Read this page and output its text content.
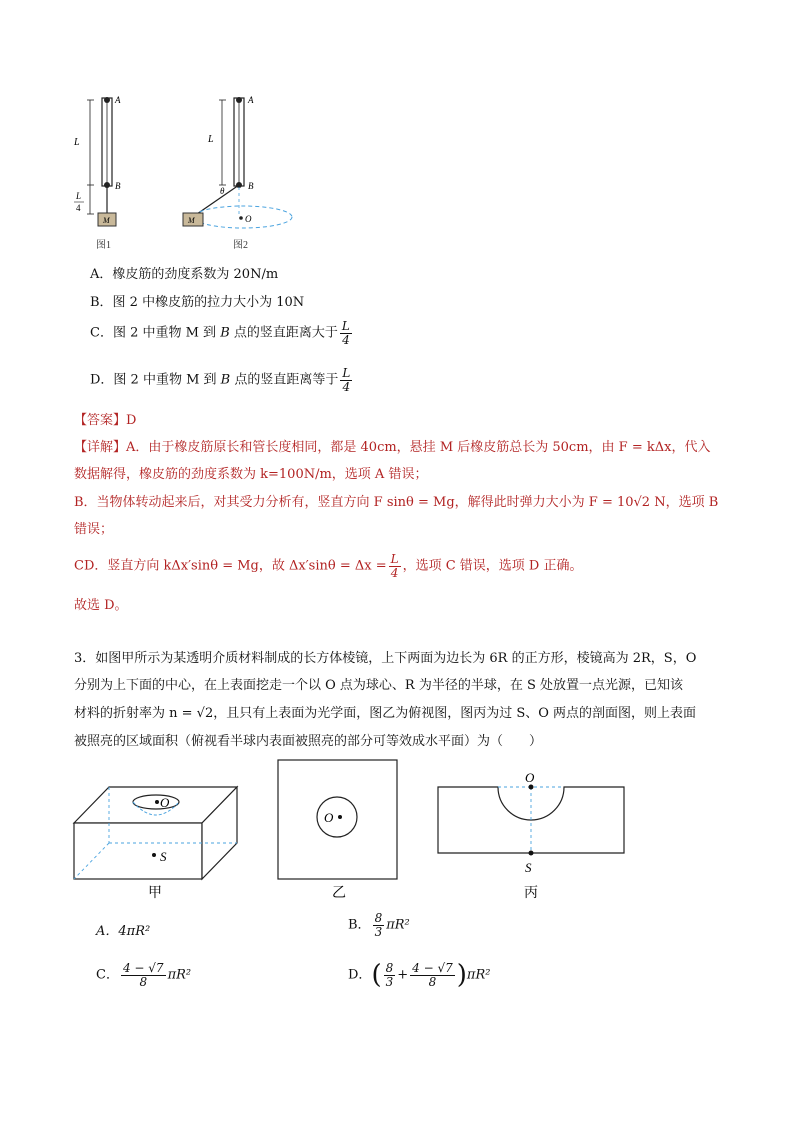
L
L
4
A
B
M
图1
L
A
B
θ
M	O
图2
A．橡皮筋的劲度系数为 20N/m
B．图 2 中橡皮筋的拉力大小为 10N
C．图 2 中重物 M 到 B 点的竖直距离大于 $\frac{L}{4}$
D．图 2 中重物 M 到 B 点的竖直距离等于 $\frac{L}{4}$
【答案】D
【详解】A．由于橡皮筋原长和管长度相同，都是 40cm，悬挂 M 后橡皮筋总长为 50cm，由 F = kΔx，代入
数据解得，橡皮筋的劲度系数为 k=100N/m，选项 A 错误；
B．当物体转动起来后，对其受力分析有，竖直方向 F sinθ = Mg，解得此时弹力大小为 F = 10√2 N，选项 B
错误；
CD．竖直方向 kΔx′sinθ = Mg，故 $\Delta x'\sin\theta = \Delta x = \frac{L}{4}$ ，选项 C 错误，选项 D 正确。
故选 D。
3．如图甲所示为某透明介质材料制成的长方体棱镜，上下两面为边长为 6R 的正方形，棱镜高为 2R，S，O
分别为上下面的中心，在上表面挖走一个以 O 点为球心、R 为半径的半球，在 S 处放置一点光源，已知该
材料的折射率为 n = √2，且只有上表面为光学面，图乙为俯视图，图丙为过 S、O 两点的剖面图，则上表面
被照亮的区域面积（俯视看半球内表面被照亮的部分可等效成水平面）为（　　）
O
S
甲
O
乙
O
S
丙
A．4πR²	B． $\frac{8}{3} \pi R^2$
C． $\frac{4 - √7}{8} \pi R^2$	D．( $\frac{8}{3} + \frac{4 - √7}{8} )\pi R^2$
